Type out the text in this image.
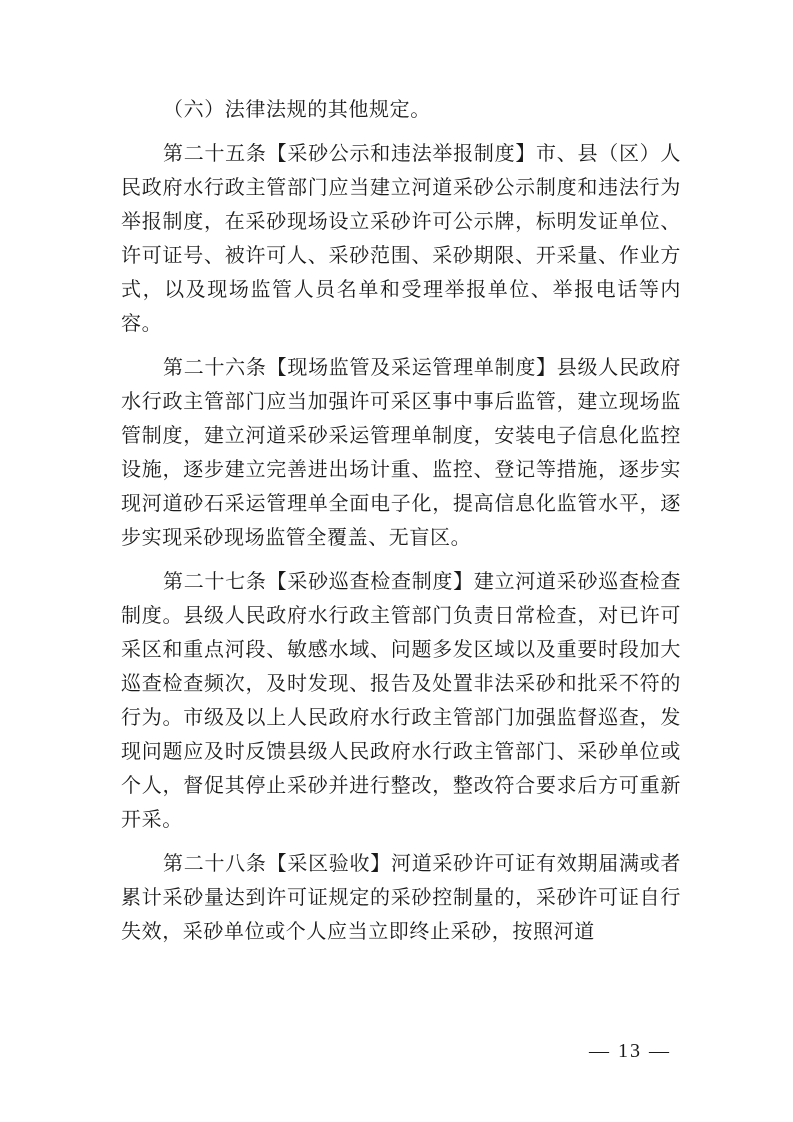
（六）法律法规的其他规定。

第二十五条【采砂公示和违法举报制度】市、县（区）人民政府水行政主管部门应当建立河道采砂公示制度和违法行为举报制度，在采砂现场设立采砂许可公示牌，标明发证单位、许可证号、被许可人、采砂范围、采砂期限、开采量、作业方式，以及现场监管人员名单和受理举报单位、举报电话等内容。

第二十六条【现场监管及采运管理单制度】县级人民政府水行政主管部门应当加强许可采区事中事后监管，建立现场监管制度，建立河道采砂采运管理单制度，安装电子信息化监控设施，逐步建立完善进出场计重、监控、登记等措施，逐步实现河道砂石采运管理单全面电子化，提高信息化监管水平，逐步实现采砂现场监管全覆盖、无盲区。

第二十七条【采砂巡查检查制度】建立河道采砂巡查检查制度。县级人民政府水行政主管部门负责日常检查，对已许可采区和重点河段、敏感水域、问题多发区域以及重要时段加大巡查检查频次，及时发现、报告及处置非法采砂和批采不符的行为。市级及以上人民政府水行政主管部门加强监督巡查，发现问题应及时反馈县级人民政府水行政主管部门、采砂单位或个人，督促其停止采砂并进行整改，整改符合要求后方可重新开采。

第二十八条【采区验收】河道采砂许可证有效期届满或者累计采砂量达到许可证规定的采砂控制量的，采砂许可证自行失效，采砂单位或个人应当立即终止采砂，按照河道

— 13 —
